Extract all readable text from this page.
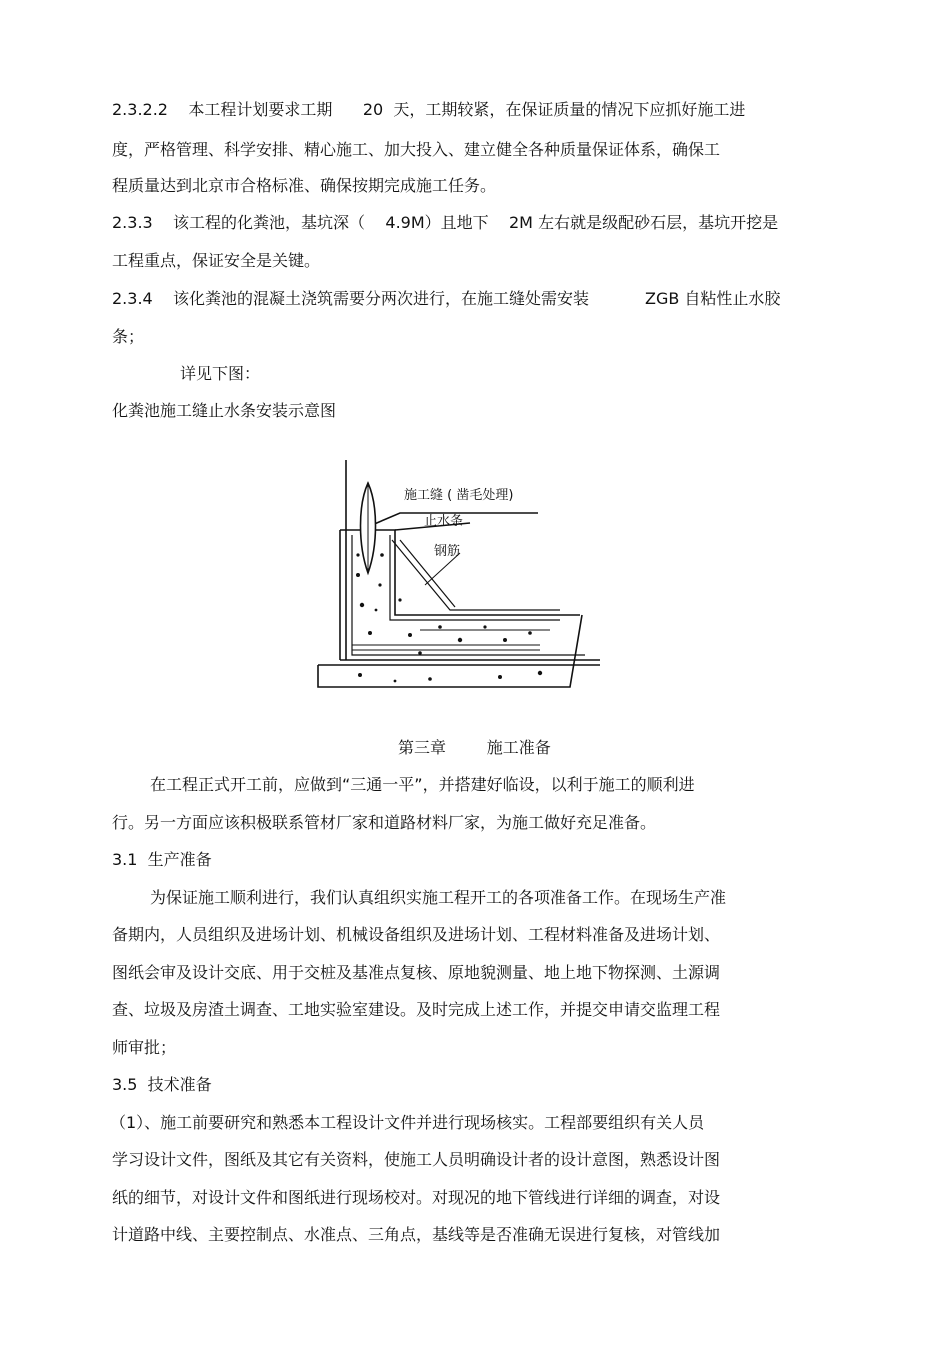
2.3.2.2    本工程计划要求工期      20  天，工期较紧，在保证质量的情况下应抓好施工进
度，严格管理、科学安排、精心施工、加大投入、建立健全各种质量保证体系，确保工
程质量达到北京市合格标准、确保按期完成施工任务。
2.3.3    该工程的化粪池，基坑深（    4.9M）且地下    2M 左右就是级配砂石层，基坑开挖是
工程重点，保证安全是关键。
2.3.4    该化粪池的混凝土浇筑需要分两次进行，在施工缝处需安装           ZGB 自粘性止水胶
条；
详见下图：
化粪池施工缝止水条安装示意图
施工缝 ( 凿毛处理)
止水条
钢筋
第三章        施工准备
在工程正式开工前，应做到“三通一平”，并搭建好临设，以利于施工的顺利进
行。另一方面应该积极联系管材厂家和道路材料厂家，为施工做好充足准备。
3.1  生产准备
为保证施工顺利进行，我们认真组织实施工程开工的各项准备工作。在现场生产准
备期内，人员组织及进场计划、机械设备组织及进场计划、工程材料准备及进场计划、
图纸会审及设计交底、用于交桩及基准点复核、原地貌测量、地上地下物探测、土源调
查、垃圾及房渣土调查、工地实验室建设。及时完成上述工作，并提交申请交监理工程
师审批；
3.5  技术准备
（1）、施工前要研究和熟悉本工程设计文件并进行现场核实。工程部要组织有关人员
学习设计文件，图纸及其它有关资料，使施工人员明确设计者的设计意图，熟悉设计图
纸的细节，对设计文件和图纸进行现场校对。对现况的地下管线进行详细的调查，对设
计道路中线、主要控制点、水准点、三角点，基线等是否准确无误进行复核，对管线加
